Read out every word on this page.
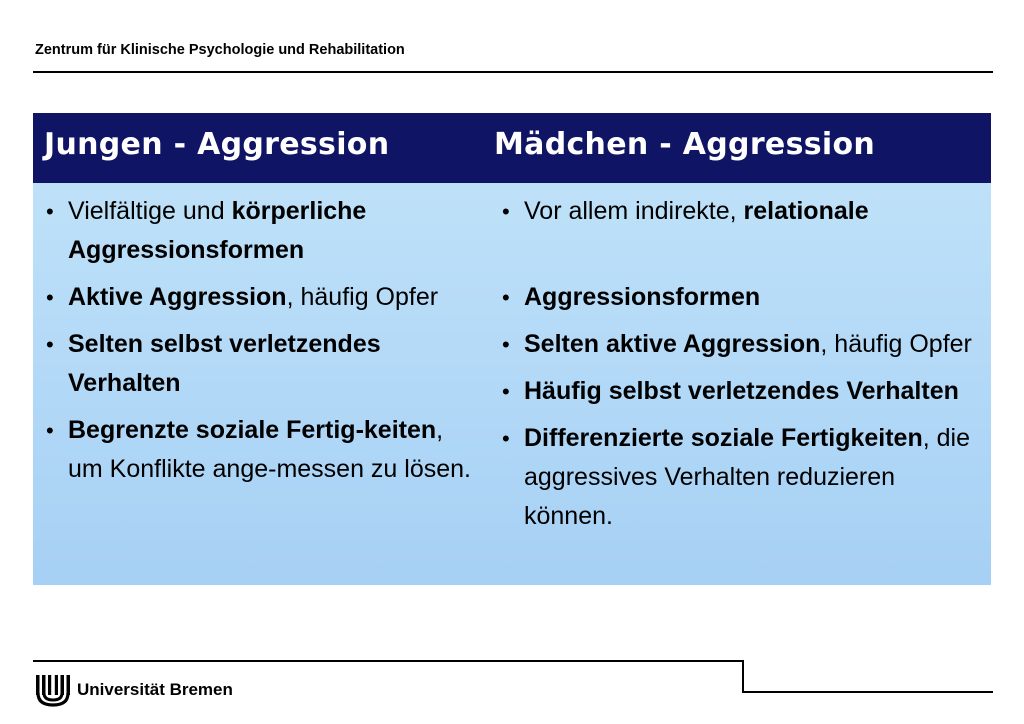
Zentrum für Klinische Psychologie und Rehabilitation
Jungen - Aggression	Mädchen - Aggression
• Vielfältige und körperliche Aggressionsformen
• Aktive Aggression, häufig Opfer
• Selten selbst verletzendes Verhalten
• Begrenzte soziale Fertig-keiten, um Konflikte ange-messen zu lösen.
• Vor allem indirekte, relationale
• Aggressionsformen
• Selten aktive Aggression, häufig Opfer
• Häufig selbst verletzendes Verhalten
• Differenzierte soziale Fertigkeiten, die aggressives Verhalten reduzieren können.
Universität Bremen
